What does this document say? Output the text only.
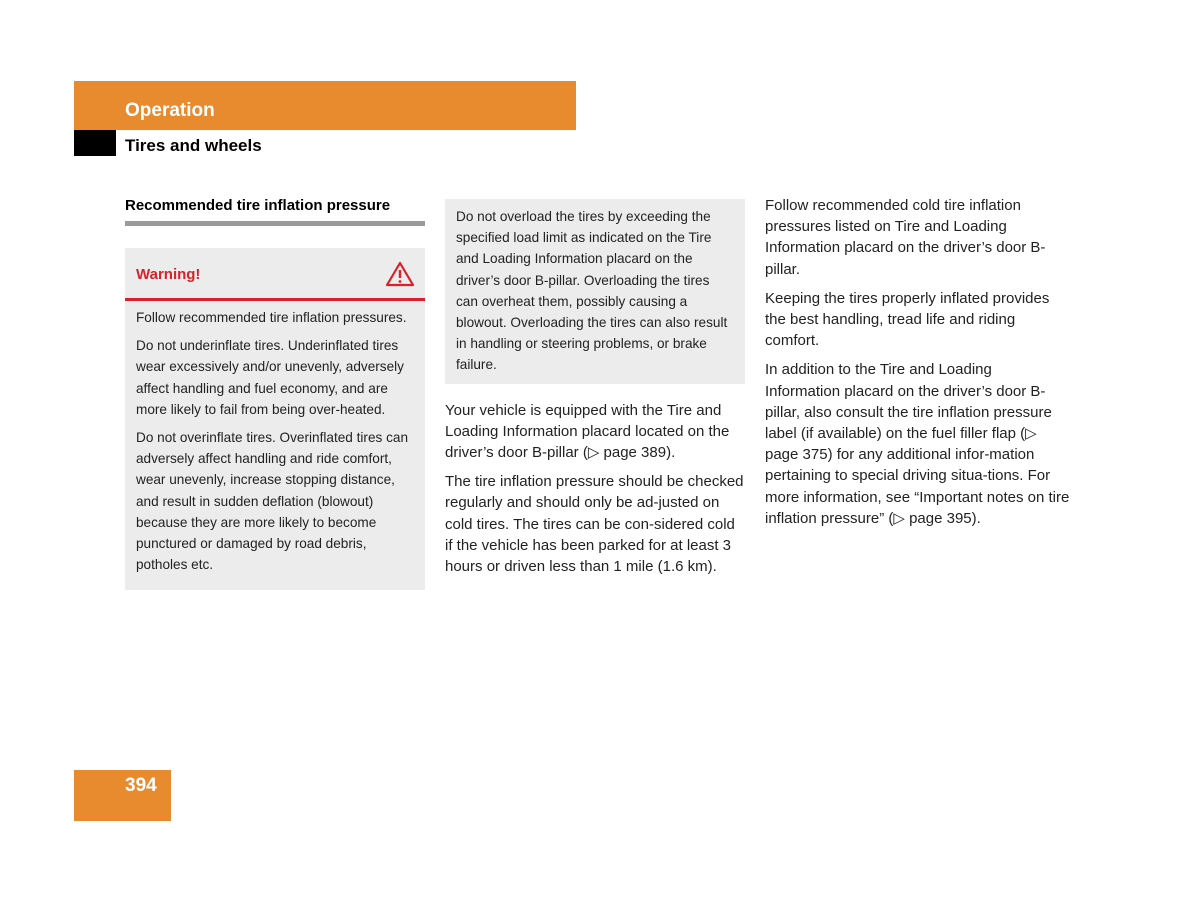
Operation
Tires and wheels
Recommended tire inflation pressure
Warning!

Follow recommended tire inflation pressures.

Do not underinflate tires. Underinflated tires wear excessively and/or unevenly, adversely affect handling and fuel economy, and are more likely to fail from being over-heated.

Do not overinflate tires. Overinflated tires can adversely affect handling and ride comfort, wear unevenly, increase stopping distance, and result in sudden deflation (blowout) because they are more likely to become punctured or damaged by road debris, potholes etc.

Do not overload the tires by exceeding the specified load limit as indicated on the Tire and Loading Information placard on the driver’s door B-pillar. Overloading the tires can overheat them, possibly causing a blowout. Overloading the tires can also result in handling or steering problems, or brake failure.

Your vehicle is equipped with the Tire and Loading Information placard located on the driver’s door B-pillar (▷ page 389).

The tire inflation pressure should be checked regularly and should only be ad-justed on cold tires. The tires can be con-sidered cold if the vehicle has been parked for at least 3 hours or driven less than 1 mile (1.6 km).

Follow recommended cold tire inflation pressures listed on Tire and Loading Information placard on the driver’s door B-pillar.

Keeping the tires properly inflated provides the best handling, tread life and riding comfort.

In addition to the Tire and Loading Information placard on the driver’s door B-pillar, also consult the tire inflation pressure label (if available) on the fuel filler flap (▷ page 375) for any additional infor-mation pertaining to special driving situa-tions. For more information, see “Important notes on tire inflation pressure” (▷ page 395).

394
